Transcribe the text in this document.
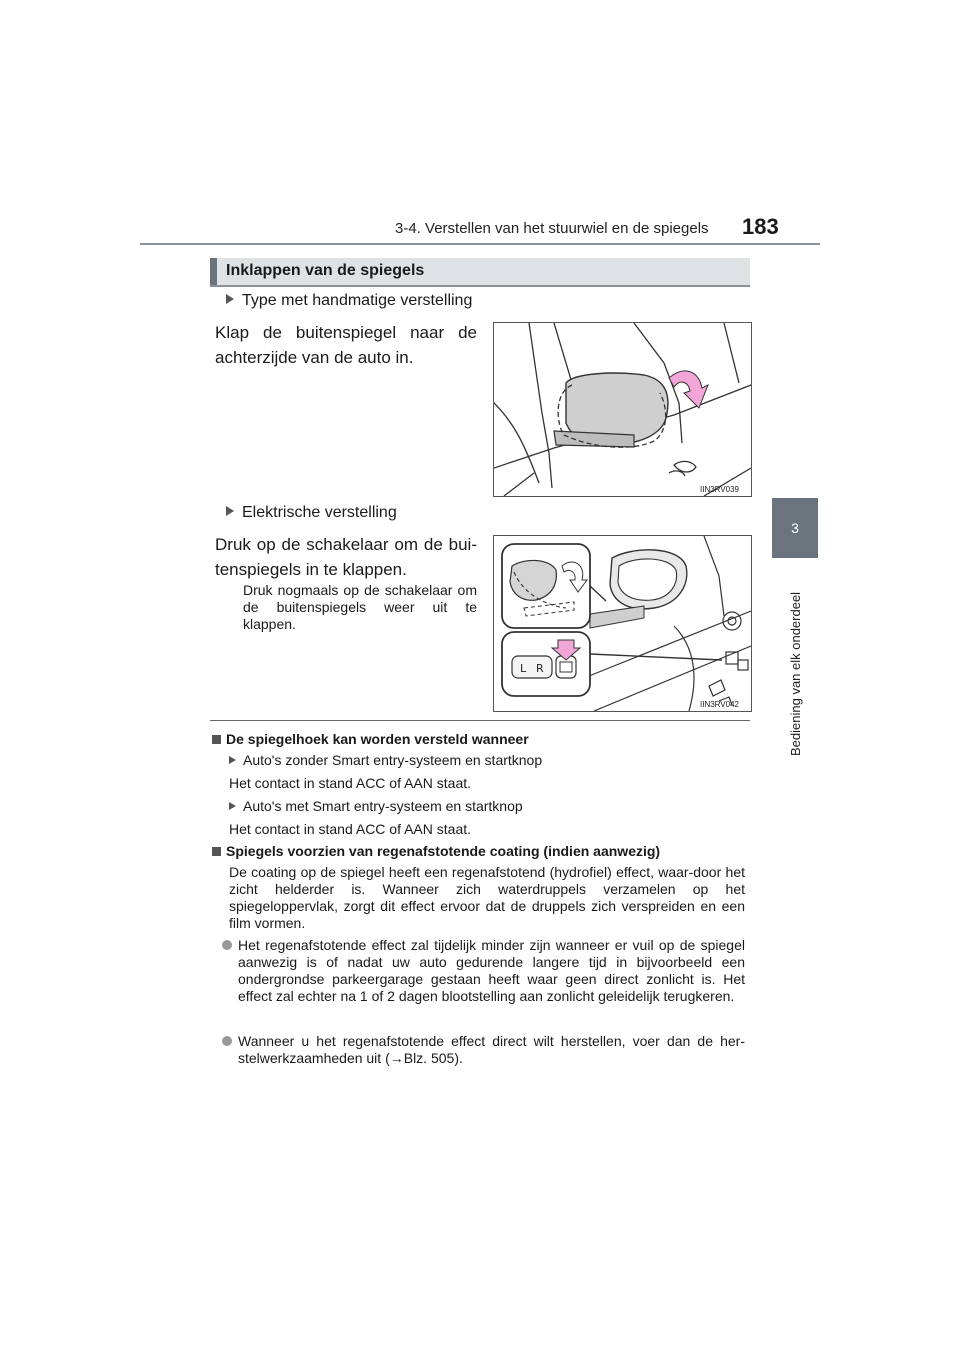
3-4. Verstellen van het stuurwiel en de spiegels 183
3
Bediening van elk onderdeel
Inklappen van de spiegels
Type met handmatige verstelling
Klap de buitenspiegel naar de achterzijde van de auto in.
IIN3RV039
Elektrische verstelling
Druk op de schakelaar om de bui-tenspiegels in te klappen.
Druk nogmaals op de schakelaar om de buitenspiegels weer uit te klappen.
L R
IIN3RV042
De spiegelhoek kan worden versteld wanneer
Auto's zonder Smart entry-systeem en startknop
Het contact in stand ACC of AAN staat.
Auto's met Smart entry-systeem en startknop
Het contact in stand ACC of AAN staat.
Spiegels voorzien van regenafstotende coating (indien aanwezig)
De coating op de spiegel heeft een regenafstotend (hydrofiel) effect, waar-door het zicht helderder is. Wanneer zich waterdruppels verzamelen op het spiegeloppervlak, zorgt dit effect ervoor dat de druppels zich verspreiden en een film vormen.
Het regenafstotende effect zal tijdelijk minder zijn wanneer er vuil op de spiegel aanwezig is of nadat uw auto gedurende langere tijd in bijvoorbeeld een ondergrondse parkeergarage gestaan heeft waar geen direct zonlicht is. Het effect zal echter na 1 of 2 dagen blootstelling aan zonlicht geleidelijk terugkeren.
Wanneer u het regenafstotende effect direct wilt herstellen, voer dan de her-stelwerkzaamheden uit (→Blz. 505).
